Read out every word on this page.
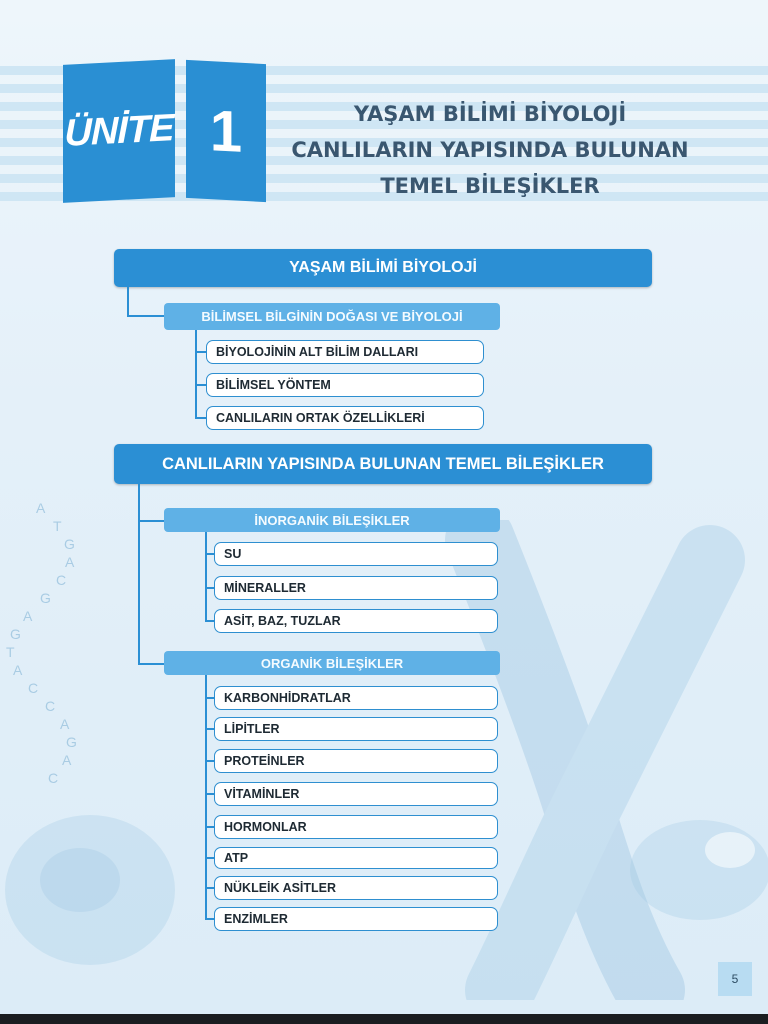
A
T
G
A
C
G
A
G
T
A
C
C
A
G
A
C
ÜNİTE 1	YAŞAM BİLİMİ BİYOLOJİ
CANLILARIN YAPISINDA BULUNAN
TEMEL BİLEŞİKLER
YAŞAM BİLİMİ BİYOLOJİ
BİLİMSEL BİLGİNİN DOĞASI VE BİYOLOJİ
BİYOLOJİNİN ALT BİLİM DALLARI
BİLİMSEL YÖNTEM
CANLILARIN ORTAK ÖZELLİKLERİ
CANLILARIN YAPISINDA BULUNAN TEMEL BİLEŞİKLER
İNORGANİK BİLEŞİKLER
SU
MİNERALLER
ASİT, BAZ, TUZLAR
ORGANİK BİLEŞİKLER
KARBONHİDRATLAR
LİPİTLER
PROTEİNLER
VİTAMİNLER
HORMONLAR
ATP
NÜKLEİK ASİTLER
ENZİMLER
5
